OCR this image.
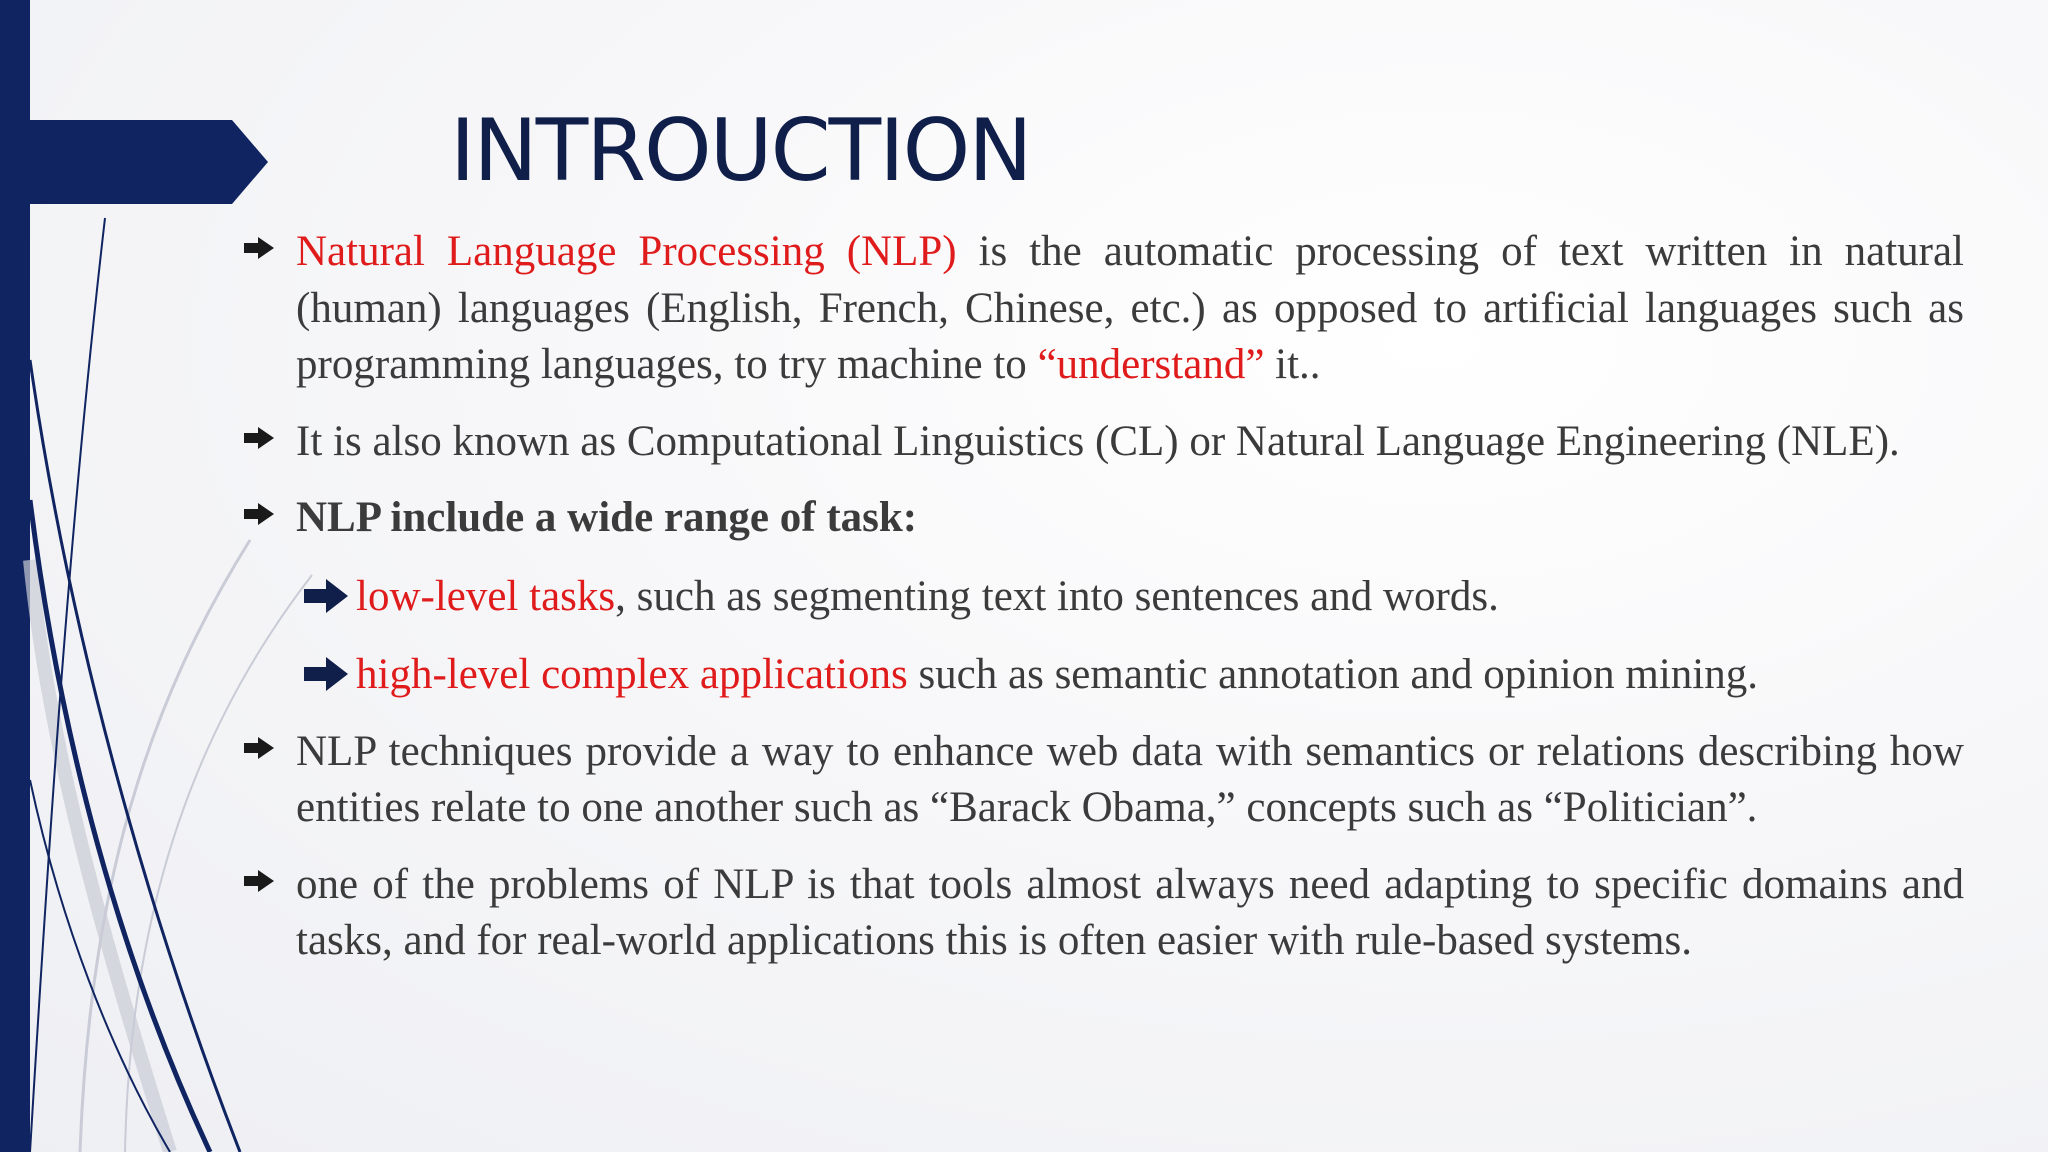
INTROUCTION
Natural Language Processing (NLP) is the automatic processing of text written in natural (human) languages (English, French, Chinese, etc.) as opposed to artificial languages such as programming languages, to try machine to “understand” it..
It is also known as Computational Linguistics (CL) or Natural Language Engineering (NLE).
NLP include a wide range of task:
low-level tasks, such as segmenting text into sentences and words.
high-level complex applications such as semantic annotation and opinion mining.
NLP techniques provide a way to enhance web data with semantics or relations describing how entities relate to one another such as “Barack Obama,” concepts such as “Politician”.
one of the problems of NLP is that tools almost always need adapting to specific domains and tasks, and for real-world applications this is often easier with rule-based systems.
